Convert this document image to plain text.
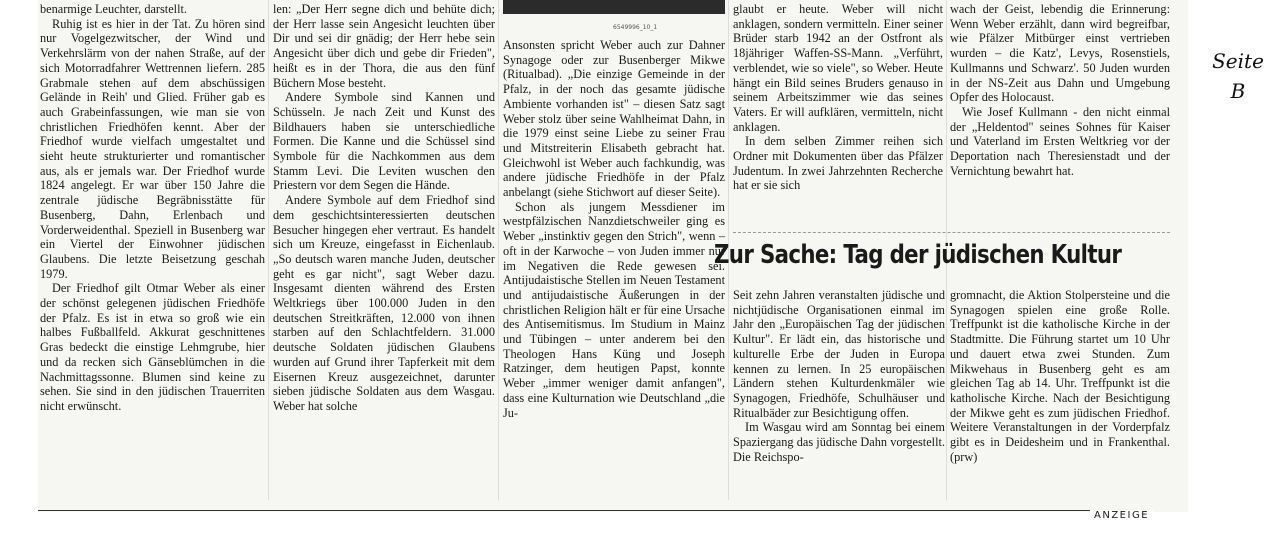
benarmige Leuchter, darstellt.

Ruhig ist es hier in der Tat. Zu hören sind nur Vogelgezwitscher, der Wind und Verkehrslärm von der nahen Straße, auf der sich Motorradfahrer Wettrennen liefern. 285 Grabmale stehen auf dem abschüssigen Gelände in Reih' und Glied. Früher gab es auch Grabeinfassungen, wie man sie von christlichen Friedhöfen kennt. Aber der Friedhof wurde vielfach umgestaltet und sieht heute strukturierter und romantischer aus, als er jemals war. Der Friedhof wurde 1824 angelegt. Er war über 150 Jahre die zentrale jüdische Begräbnisstätte für Busenberg, Dahn, Erlenbach und Vorderweidenthal. Speziell in Busenberg war ein Viertel der Einwohner jüdischen Glaubens. Die letzte Beisetzung geschah 1979.

Der Friedhof gilt Otmar Weber als einer der schönst gelegenen jüdischen Friedhöfe der Pfalz. Es ist in etwa so groß wie ein halbes Fußballfeld. Akkurat geschnittenes Gras bedeckt die einstige Lehmgrube, hier und da recken sich Gänseblümchen in die Nachmittagssonne. Blumen sind keine zu sehen. Sie sind in den jüdischen Trauerriten nicht erwünscht.

len: „Der Herr segne dich und behüte dich; der Herr lasse sein Angesicht leuchten über Dir und sei dir gnädig; der Herr hebe sein Angesicht über dich und gebe dir Frieden", heißt es in der Thora, die aus den fünf Büchern Mose besteht.

Andere Symbole sind Kannen und Schüsseln. Je nach Zeit und Kunst des Bildhauers haben sie unterschiedliche Formen. Die Kanne und die Schüssel sind Symbole für die Nachkommen aus dem Stamm Levi. Die Leviten wuschen den Priestern vor dem Segen die Hände.

Andere Symbole auf dem Friedhof sind dem geschichtsinteressierten deutschen Besucher hingegen eher vertraut. Es handelt sich um Kreuze, eingefasst in Eichenlaub. „So deutsch waren manche Juden, deutscher geht es gar nicht", sagt Weber dazu. Insgesamt dienten während des Ersten Weltkriegs über 100.000 Juden in den deutschen Streitkräften, 12.000 von ihnen starben auf den Schlachtfeldern. 31.000 deutsche Soldaten jüdischen Glaubens wurden auf Grund ihrer Tapferkeit mit dem Eisernen Kreuz ausgezeichnet, darunter sieben jüdische Soldaten aus dem Wasgau. Weber hat solche

6549996_10_1

Ansonsten spricht Weber auch zur Dahner Synagoge oder zur Busenberger Mikwe (Ritualbad). „Die einzige Gemeinde in der Pfalz, in der noch das gesamte jüdische Ambiente vorhanden ist" – diesen Satz sagt Weber stolz über seine Wahlheimat Dahn, in die 1979 einst seine Liebe zu seiner Frau und Mitstreiterin Elisabeth gebracht hat. Gleichwohl ist Weber auch fachkundig, was andere jüdische Friedhöfe in der Pfalz anbelangt (siehe Stichwort auf dieser Seite).

Schon als jungem Messdiener im westpfälzischen Nanzdietschweiler ging es Weber „instinktiv gegen den Strich", wenn – oft in der Karwoche – von Juden immer nur im Negativen die Rede gewesen sei. Antijudaistische Stellen im Neuen Testament und antijudaistische Äußerungen in der christlichen Religion hält er für eine Ursache des Antisemitismus. Im Studium in Mainz und Tübingen – unter anderem bei den Theologen Hans Küng und Joseph Ratzinger, dem heutigen Papst, konnte Weber „immer weniger damit anfangen", dass eine Kulturnation wie Deutschland „die Ju-

glaubt er heute. Weber will nicht anklagen, sondern vermitteln. Einer seiner Brüder starb 1942 an der Ostfront als 18jähriger Waffen-SS-Mann. „Verführt, verblendet, wie so viele", so Weber. Heute hängt ein Bild seines Bruders genauso in seinem Arbeitszimmer wie das seines Vaters. Er will aufklären, vermitteln, nicht anklagen.

In dem selben Zimmer reihen sich Ordner mit Dokumenten über das Pfälzer Judentum. In zwei Jahrzehnten Recherche hat er sie sich

wach der Geist, lebendig die Erinnerung: Wenn Weber erzählt, dann wird begreifbar, wie Pfälzer Mitbürger einst vertrieben wurden – die Katz', Levys, Rosenstiels, Kullmanns und Schwarz'. 50 Juden wurden in der NS-Zeit aus Dahn und Umgebung Opfer des Holocaust.

Wie Josef Kullmann - den nicht einmal der „Heldentod" seines Sohnes für Kaiser und Vaterland im Ersten Weltkrieg vor der Deportation nach Theresienstadt und der Vernichtung bewahrt hat.

Zur Sache: Tag der jüdischen Kultur

Seit zehn Jahren veranstalten jüdische und nichtjüdische Organisationen einmal im Jahr den „Europäischen Tag der jüdischen Kultur". Er lädt ein, das historische und kulturelle Erbe der Juden in Europa kennen zu lernen. In 25 europäischen Ländern stehen Kulturdenkmäler wie Synagogen, Friedhöfe, Schulhäuser und Ritualbäder zur Besichtigung offen.

Im Wasgau wird am Sonntag bei einem Spaziergang das jüdische Dahn vorgestellt. Die Reichspo-

gromnacht, die Aktion Stolpersteine und die Synagogen spielen eine große Rolle. Treffpunkt ist die katholische Kirche in der Stadtmitte. Die Führung startet um 10 Uhr und dauert etwa zwei Stunden. Zum Mikwehaus in Busenberg geht es am gleichen Tag ab 14. Uhr. Treffpunkt ist die katholische Kirche. Nach der Besichtigung der Mikwe geht es zum jüdischen Friedhof. Weitere Veranstaltungen in der Vorderpfalz gibt es in Deidesheim und in Frankenthal. (prw)

ANZEIGE
Seite
B
